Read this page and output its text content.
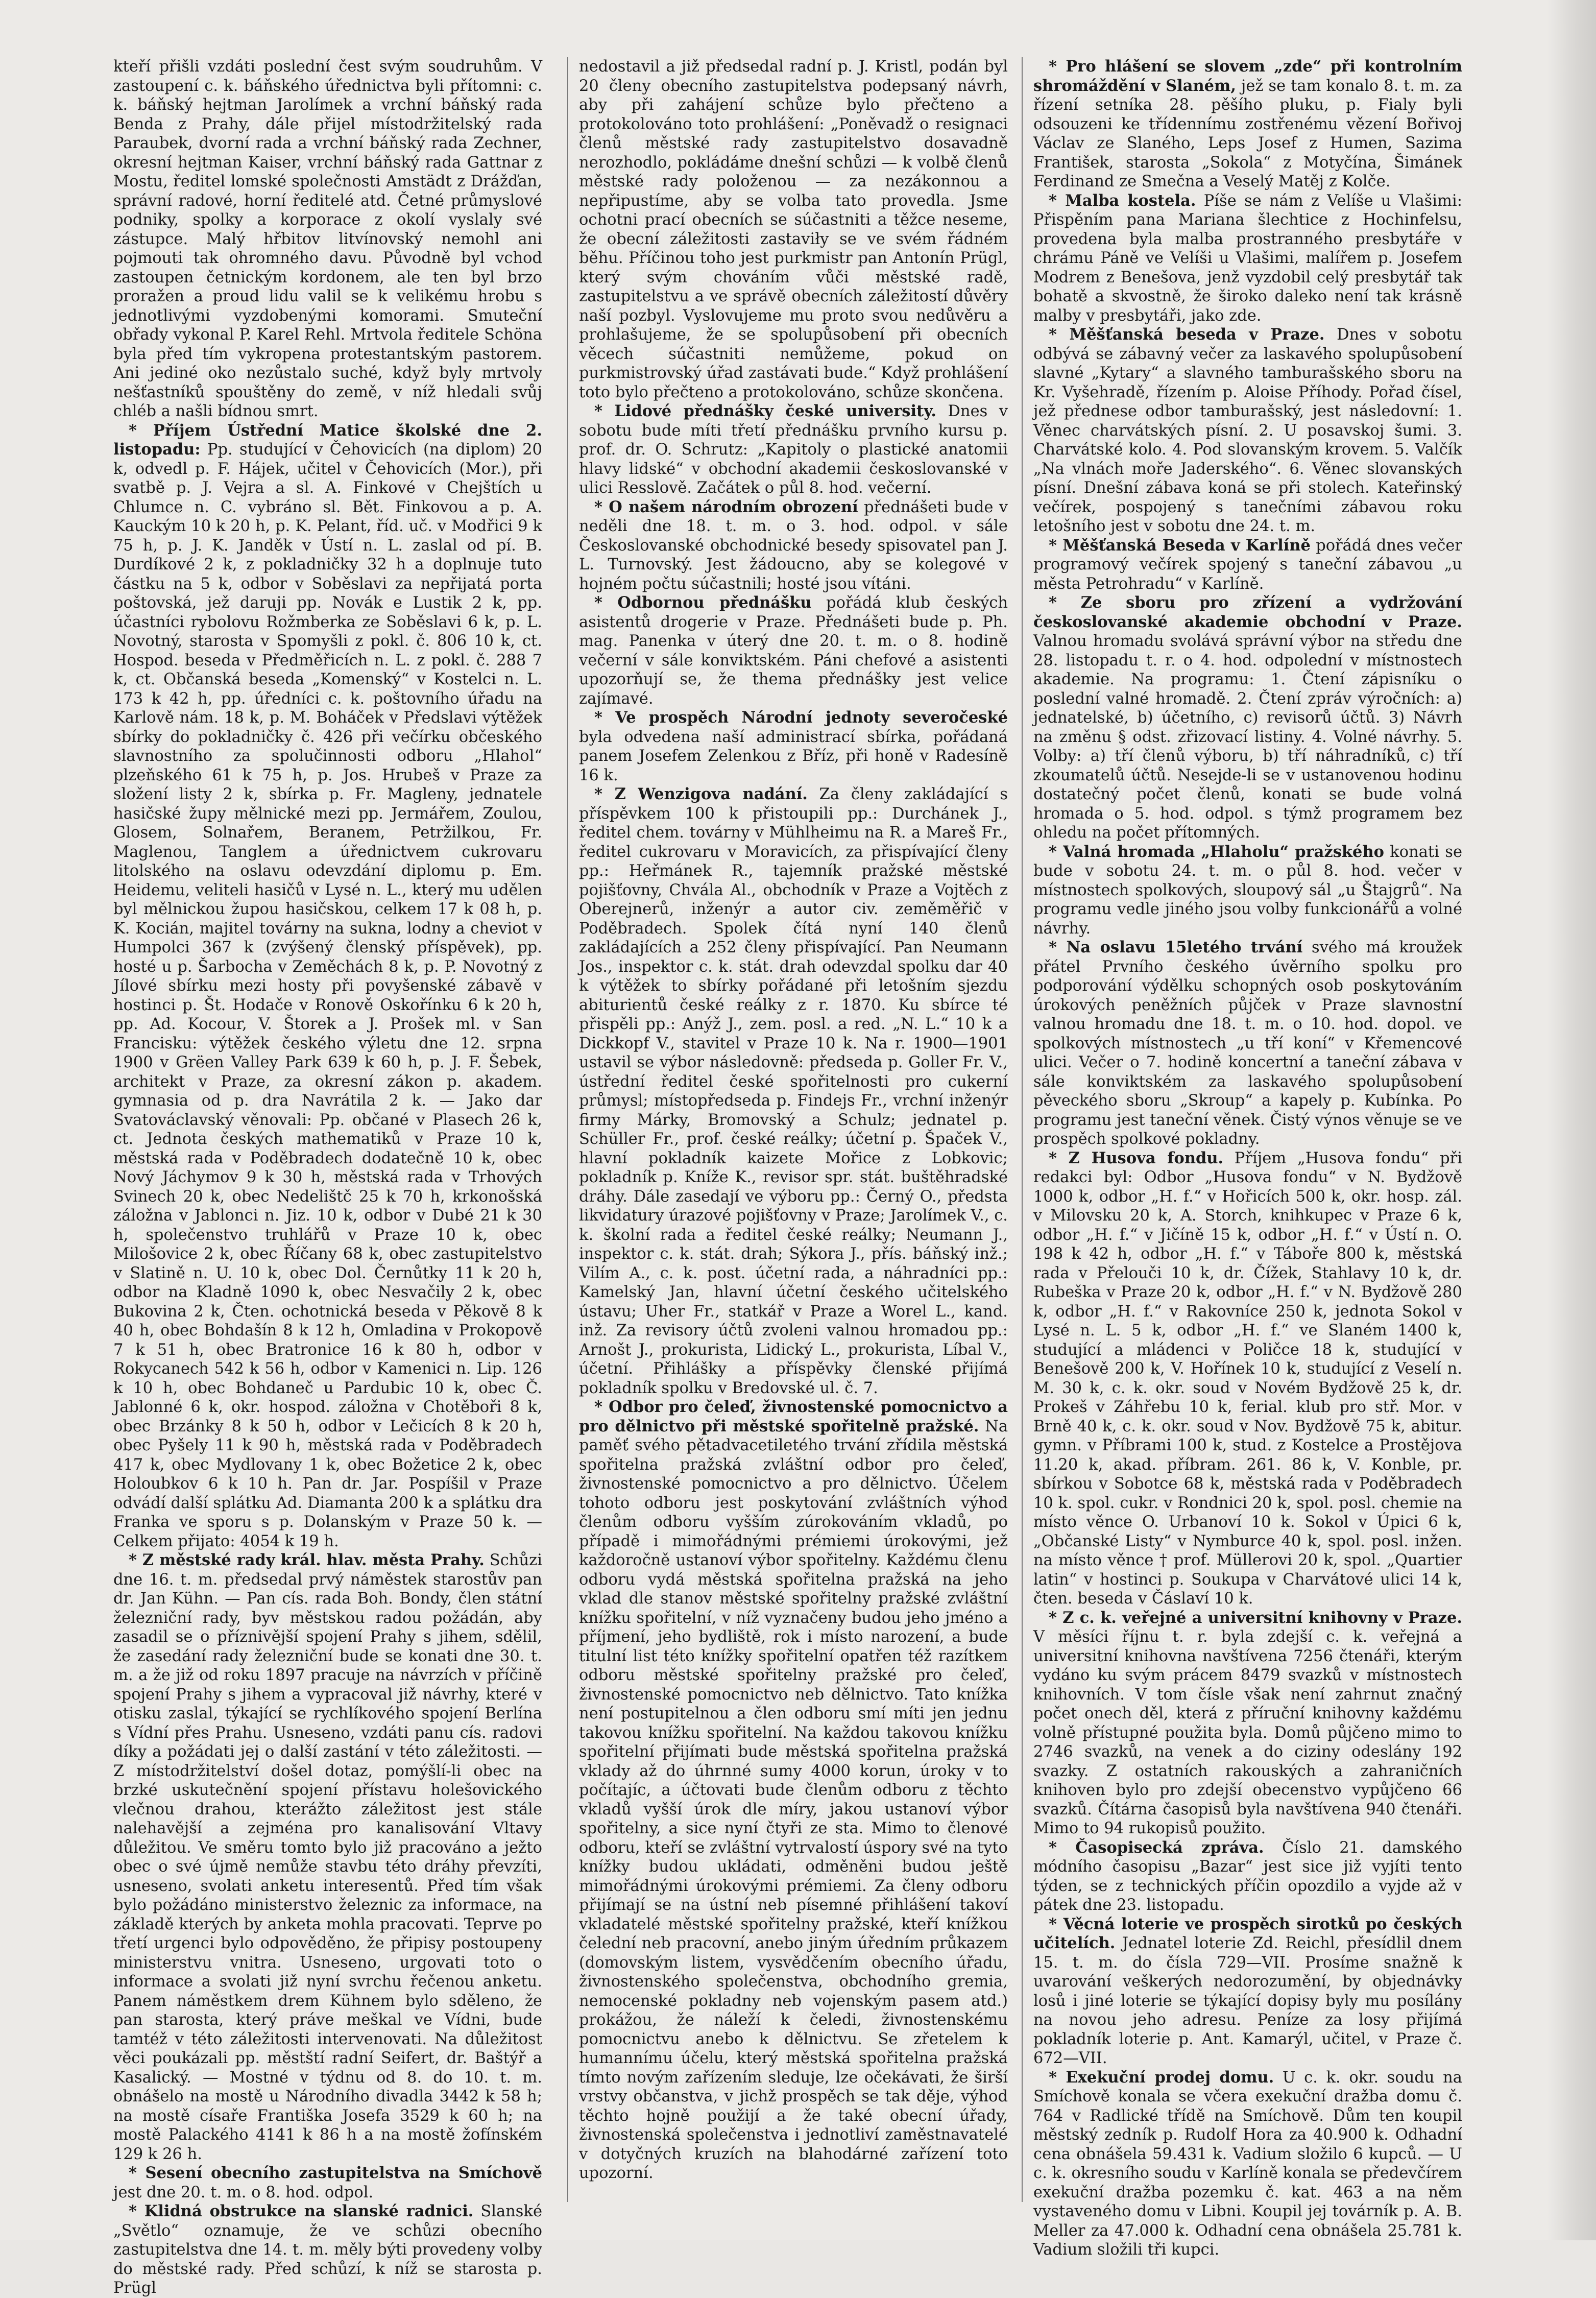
kteří přišli vzdáti poslední čest svým soudruhům. V zastoupení c. k. báňského úřednictva byli přítomni: c. k. báňský hejtman Jarolímek a vrchní báňský rada Benda z Prahy, dále přijel místodržitelský rada Paraubek, dvorní rada a vrchní báňský rada Zechner, okresní hejtman Kaiser, vrchní báňský rada Gattnar z Mostu, ředitel lomské společnosti Amstädt z Drážďan, správní radové, horní ředitelé atd. Četné průmyslové podniky, spolky a korporace z okolí vyslaly své zástupce. Malý hřbitov litvínovský nemohl ani pojmouti tak ohromného davu. Původně byl vchod zastoupen četnickým kordonem, ale ten byl brzo proražen a proud lidu valil se k velikému hrobu s jednotlivými vyzdobenými komorami. Smuteční obřady vykonal P. Karel Rehl. Mrtvola ředitele Schöna byla před tím vykropena protestantským pastorem. Ani jediné oko nezůstalo suché, když byly mrtvoly nešťastníků spouštěny do země, v níž hledali svůj chléb a našli bídnou smrt.

* Příjem Ústřední Matice školské dne 2. listopadu: Pp. studující v Čehovicích (na diplom) 20 k, odvedl p. F. Hájek, učitel v Čehovicích (Mor.), při svatbě p. J. Vejra a sl. A. Finkové v Chejštích u Chlumce n. C. vybráno sl. Bět. Finkovou a p. A. Kauckým 10 k 20 h, p. K. Pelant, říd. uč. v Modřici 9 k 75 h, p. J. K. Janděk v Ústí n. L. zaslal od pí. B. Durdíkové 2 k, z pokladničky 32 h a doplnuje tuto částku na 5 k, odbor v Soběslavi za nepřijatá porta poštovská, jež daruji pp. Novák e Lustik 2 k, pp. účastníci rybolovu Rožmberka ze Soběslavi 6 k, p. L. Novotný, starosta v Spomyšli z pokl. č. 806 10 k, ct. Hospod. beseda v Předměřicích n. L. z pokl. č. 288 7 k, ct. Občanská beseda „Komenský“ v Kostelci n. L. 173 k 42 h, pp. úředníci c. k. poštovního úřadu na Karlově nám. 18 k, p. M. Boháček v Předslavi výtěžek sbírky do pokladničky č. 426 při večírku občeského slavnostního za spolučinnosti odboru „Hlahol“ plzeňského 61 k 75 h, p. Jos. Hrubeš v Praze za složení listy 2 k, sbírka p. Fr. Magleny, jednatele hasičské župy mělnické mezi pp. Jermářem, Zoulou, Glosem, Solnařem, Beranem, Petržilkou, Fr. Maglenou, Tanglem a úřednictvem cukrovaru litolského na oslavu odevzdání diplomu p. Em. Heidemu, veliteli hasičů v Lysé n. L., který mu udělen byl mělnickou župou hasičskou, celkem 17 k 08 h, p. K. Kocián, majitel továrny na sukna, lodny a cheviot v Humpolci 367 k (zvýšený členský příspěvek), pp. hosté u p. Šarbocha v Zeměchách 8 k, p. P. Novotný z Jílové sbírku mezi hosty při povyšenské zábavě v hostinci p. Št. Hodače v Ronově Oskořínku 6 k 20 h, pp. Ad. Kocour, V. Štorek a J. Prošek ml. v San Francisku: výtěžek českého výletu dne 12. srpna 1900 v Grëen Valley Park 639 k 60 h, p. J. F. Šebek, architekt v Praze, za okresní zákon p. akadem. gymnasia od p. dra Navrátila 2 k. — Jako dar Svatováclavský věnovali: Pp. občané v Plasech 26 k, ct. Jednota českých mathematiků v Praze 10 k, městská rada v Poděbradech dodatečně 10 k, obec Nový Jáchymov 9 k 30 h, městská rada v Trhových Svinech 20 k, obec Nedelištč 25 k 70 h, krkonošská záložna v Jablonci n. Jiz. 10 k, odbor v Dubé 21 k 30 h, společenstvo truhlářů v Praze 10 k, obec Milošovice 2 k, obec Říčany 68 k, obec zastupitelstvo v Slatině n. U. 10 k, obec Dol. Černůtky 11 k 20 h, odbor na Kladně 1090 k, obec Nesvačily 2 k, obec Bukovina 2 k, Čten. ochotnická beseda v Pěkově 8 k 40 h, obec Bohdašín 8 k 12 h, Omladina v Prokopově 7 k 51 h, obec Bratronice 16 k 80 h, odbor v Rokycanech 542 k 56 h, odbor v Kamenici n. Lip. 126 k 10 h, obec Bohdaneč u Pardubic 10 k, obec Č. Jablonné 6 k, okr. hospod. záložna v Chotěboři 8 k, obec Brzánky 8 k 50 h, odbor v Lečicích 8 k 20 h, obec Pyšely 11 k 90 h, městská rada v Poděbradech 417 k, obec Mydlovany 1 k, obec Božetice 2 k, obec Holoubkov 6 k 10 h. Pan dr. Jar. Pospíšil v Praze odvádí další splátku Ad. Diamanta 200 k a splátku dra Franka ve sporu s p. Dolanským v Praze 50 k. — Celkem přijato: 4054 k 19 h.

* Z městské rady král. hlav. města Prahy. Schůzi dne 16. t. m. předsedal prvý náměstek starostův pan dr. Jan Kühn. — Pan cís. rada Boh. Bondy, člen státní železniční rady, byv městskou radou požádán, aby zasadil se o příznivější spojení Prahy s jihem, sdělil, že zasedání rady železniční bude se konati dne 30. t. m. a že již od roku 1897 pracuje na návrzích v příčině spojení Prahy s jihem a vypracoval již návrhy, které v otisku zaslal, týkající se rychlíkového spojení Berlína s Vídní přes Prahu. Usneseno, vzdáti panu cís. radovi díky a požádati jej o další zastání v této záležitosti. — Z místodržitelství došel dotaz, pomýšlí-li obec na brzké uskutečnění spojení přístavu holešovického vlečnou drahou, kterážto záležitost jest stále nalehavější a zejména pro kanalisování Vltavy důležitou. Ve směru tomto bylo již pracováno a ježto obec o své újmě nemůže stavbu této dráhy převzíti, usneseno, svolati anketu interesentů. Před tím však bylo požádáno ministerstvo železnic za informace, na základě kterých by anketa mohla pracovati. Teprve po třetí urgenci bylo odpověděno, že připisy postoupeny ministerstvu vnitra. Usneseno, urgovati toto o informace a svolati již nyní svrchu řečenou anketu. Panem náměstkem drem Kühnem bylo sděleno, že pan starosta, který práve meškal ve Vídni, bude tamtéž v této záležitosti intervenovati. Na důležitost věci poukázali pp. městští radní Seifert, dr. Baštýř a Kasalický. — Mostné v týdnu od 8. do 10. t. m. obnášelo na mostě u Národního divadla 3442 k 58 h; na mostě císaře Františka Josefa 3529 k 60 h; na mostě Palackého 4141 k 86 h a na mostě žofínském 129 k 26 h.

* Sesení obecního zastupitelstva na Smíchově jest dne 20. t. m. o 8. hod. odpol.

* Klidná obstrukce na slanské radnici. Slanské „Světlo“ oznamuje, že ve schůzi obecního zastupitelstva dne 14. t. m. měly býti provedeny volby do městské rady. Před schůzí, k níž se starosta p. Prügl

nedostavil a již předsedal radní p. J. Kristl, podán byl 20 členy obecního zastupitelstva podepsaný návrh, aby při zahájení schůze bylo přečteno a protokolováno toto prohlášení: „Poněvadž o resignaci členů městské rady zastupitelstvo dosavadně nerozhodlo, pokládáme dnešní schůzi — k volbě členů městské rady položenou — za nezákonnou a nepřipustíme, aby se volba tato provedla. Jsme ochotni prací obecních se súčastniti a těžce neseme, že obecní záležitosti zastaviły se ve svém řádném běhu. Příčinou toho jest purkmistr pan Antonín Prügl, který svým chováním vůči městské radě, zastupitelstvu a ve správě obecních záležitostí důvěry naší pozbyl. Vyslovujeme mu proto svou nedůvěru a prohlašujeme, že se spolupůsobení při obecních věcech súčastniti nemůžeme, pokud on purkmistrovský úřad zastávati bude.“ Když prohlášení toto bylo přečteno a protokolováno, schůze skončena.

* Lidové přednášky české university. Dnes v sobotu bude míti třetí přednášku prvního kursu p. prof. dr. O. Schrutz: „Kapitoly o plastické anatomii hlavy lidské“ v obchodní akademii českoslovanské v ulici Resslově. Začátek o půl 8. hod. večerní.

* O našem národním obrození přednášeti bude v neděli dne 18. t. m. o 3. hod. odpol. v sále Českoslovanské obchodnické besedy spisovatel pan J. L. Turnovský. Jest žádoucno, aby se kolegové v hojném počtu súčastnili; hosté jsou vítáni.

* Odbornou přednášku pořádá klub českých asistentů drogerie v Praze. Přednášeti bude p. Ph. mag. Panenka v úterý dne 20. t. m. o 8. hodině večerní v sále konviktském. Páni chefové a asistenti upozorňují se, že thema přednášky jest velice zajímavé.

* Ve prospěch Národní jednoty severočeské byla odvedena naší administrací sbírka, pořádaná panem Josefem Zelenkou z Bříz, při honě v Radesíně 16 k.

* Z Wenzigova nadání. Za členy zakládající s příspěvkem 100 k přistoupili pp.: Durchánek J., ředitel chem. továrny v Mühlheimu na R. a Mareš Fr., ředitel cukrovaru v Moravicích, za přispívající členy pp.: Heřmánek R., tajemník pražské městské pojišťovny, Chvála Al., obchodník v Praze a Vojtěch z Oberejnerů, inženýr a autor civ. zeměměřič v Poděbradech. Spolek čítá nyní 140 členů zakládajících a 252 členy přispívající. Pan Neumann Jos., inspektor c. k. stát. drah odevzdal spolku dar 40 k výtěžek to sbírky pořádané při letošním sjezdu abiturientů české reálky z r. 1870. Ku sbírce té přispěli pp.: Anýž J., zem. posl. a red. „N. L.“ 10 k a Dickkopf V., stavitel v Praze 10 k. Na r. 1900—1901 ustavil se výbor následovně: předseda p. Goller Fr. V., ústřední ředitel české spořitelnosti pro cukerní průmysl; místopředseda p. Findejs Fr., vrchní inženýr firmy Márky, Bromovský a Schulz; jednatel p. Schüller Fr., prof. české reálky; účetní p. Špaček V., hlavní pokladník kaizete Mořice z Lobkovic; pokladník p. Kníže K., revisor spr. stát. buštěhradské dráhy. Dále zasedají ve výboru pp.: Černý O., předsta likvidatury úrazové pojišťovny v Praze; Jarolímek V., c. k. školní rada a ředitel české reálky; Neumann J., inspektor c. k. stát. drah; Sýkora J., přís. báňský inž.; Vilím A., c. k. post. účetní rada, a náhradníci pp.: Kamelský Jan, hlavní účetní českého učitelského ústavu; Uher Fr., statkář v Praze a Worel L., kand. inž. Za revisory účtů zvoleni valnou hromadou pp.: Arnošt J., prokurista, Lidický L., prokurista, Líbal V., účetní. Přihlášky a příspěvky členské přijímá pokladník spolku v Bredovské ul. č. 7.

* Odbor pro čeleď, živnostenské pomocnictvo a pro dělnictvo při městské spořitelně pražské. Na paměť svého pětadvacetiletého trvání zřídila městská spořitelna pražská zvláštní odbor pro čeleď, živnostenské pomocnictvo a pro dělnictvo. Účelem tohoto odboru jest poskytování zvláštních výhod členům odboru vyšším zúrokováním vkladů, po případě i mimořádnými prémiemi úrokovými, jež každoročně ustanoví výbor spořitelny. Každému členu odboru vydá městská spořitelna pražská na jeho vklad dle stanov městské spořitelny pražské zvláštní knížku spořitelní, v níž vyznačeny budou jeho jméno a příjmení, jeho bydliště, rok i místo narození, a bude titulní list této knížky spořitelní opatřen též razítkem odboru městské spořitelny pražské pro čeleď, živnostenské pomocnictvo neb dělnictvo. Tato knížka není postupitelnou a člen odboru smí míti jen jednu takovou knížku spořitelní. Na každou takovou knížku spořitelní přijímati bude městská spořitelna pražská vklady až do úhrnné sumy 4000 korun, úroky v to počítajíc, a účtovati bude členům odboru z těchto vkladů vyšší úrok dle míry, jakou ustanoví výbor spořitelny, a sice nyní čtyři ze sta. Mimo to členové odboru, kteří se zvláštní vytrvalostí úspory své na tyto knížky budou ukládati, odměněni budou ještě mimořádnými úrokovými prémiemi. Za členy odboru přijímají se na ústní neb písemné přihlášení takoví vkladatelé městské spořitelny pražské, kteří knížkou čelední neb pracovní, anebo jiným úředním průkazem (domovským listem, vysvědčením obecního úřadu, živnostenského společenstva, obchodního gremia, nemocenské pokladny neb vojenským pasem atd.) prokážou, že náleží k čeledi, živnostenskému pomocnictvu anebo k dělnictvu. Se zřetelem k humannímu účelu, který městská spořitelna pražská tímto novým zařízením sleduje, lze očekávati, že širší vrstvy občanstva, v jichž prospěch se tak děje, výhod těchto hojně použijí a že také obecní úřady, živnostenská společenstva i jednotliví zaměstnavatelé v dotyčných kruzích na blahodárné zařízení toto upozorní.

* Pro hlášení se slovem „zde“ při kontrolním shromáždění v Slaném, jež se tam konalo 8. t. m. za řízení setníka 28. pěšího pluku, p. Fialy byli odsouzeni ke třídennímu zostřenému vězení Bořivoj Václav ze Slaného, Leps Josef z Humen, Sazima František, starosta „Sokola“ z Motyčína, Šimánek Ferdinand ze Smečna a Veselý Matěj z Kolče.

* Malba kostela. Píše se nám z Velíše u Vlašimi: Přispěním pana Mariana šlechtice z Hochinfelsu, provedena byla malba prostranného presbytáře v chrámu Páně ve Velíši u Vlašimi, malířem p. Josefem Modrem z Benešova, jenž vyzdobil celý presbytář tak bohatě a skvostně, že široko daleko není tak krásně malby v presbytáři, jako zde.

* Měšťanská beseda v Praze. Dnes v sobotu odbývá se zábavný večer za laskavého spolupůsobení slavné „Kytary“ a slavného tamburašského sboru na Kr. Vyšehradě, řízením p. Aloise Příhody. Pořad čísel, jež přednese odbor tamburašský, jest následovní: 1. Věnec charvátských písní. 2. U posavskoj šumi. 3. Charvátské kolo. 4. Pod slovanským krovem. 5. Valčík „Na vlnách moře Jaderského“. 6. Věnec slovanských písní. Dnešní zábava koná se při stolech. Kateřinský večírek, pospojený s tanečními zábavou roku letošního jest v sobotu dne 24. t. m.

* Měšťanská Beseda v Karlíně pořádá dnes večer programový večírek spojený s taneční zábavou „u města Petrohradu“ v Karlíně.

* Ze sboru pro zřízení a vydržování českoslovanské akademie obchodní v Praze. Valnou hromadu svolává správní výbor na středu dne 28. listopadu t. r. o 4. hod. odpolední v místnostech akademie. Na programu: 1. Čtení zápisníku o poslední valné hromadě. 2. Čtení zpráv výročních: a) jednatelské, b) účetního, c) revisorů účtů. 3) Návrh na změnu § odst. zřizovací listiny. 4. Volné návrhy. 5. Volby: a) tří členů výboru, b) tří náhradníků, c) tří zkoumatelů účtů. Nesejde-li se v ustanovenou hodinu dostatečný počet členů, konati se bude volná hromada o 5. hod. odpol. s týmž programem bez ohledu na počet přítomných.

* Valná hromada „Hlaholu“ pražského konati se bude v sobotu 24. t. m. o půl 8. hod. večer v místnostech spolkových, sloupový sál „u Štajgrů“. Na programu vedle jiného jsou volby funkcionářů a volné návrhy.

* Na oslavu 15letého trvání svého má kroužek přátel Prvního českého úvěrního spolku pro podporování výdělku schopných osob poskytováním úrokových peněžních půjček v Praze slavnostní valnou hromadu dne 18. t. m. o 10. hod. dopol. ve spolkových místnostech „u tří koní“ v Křemencové ulici. Večer o 7. hodině koncertní a taneční zábava v sále konviktském za laskavého spolupůsobení pěveckého sboru „Skroup“ a kapely p. Kubínka. Po programu jest taneční věnek. Čistý výnos věnuje se ve prospěch spolkové pokladny.

* Z Husova fondu. Příjem „Husova fondu“ při redakci byl: Odbor „Husova fondu“ v N. Bydžově 1000 k, odbor „H. f.“ v Hořicích 500 k, okr. hosp. zál. v Milovsku 20 k, A. Storch, knihkupec v Praze 6 k, odbor „H. f.“ v Jičíně 15 k, odbor „H. f.“ v Ústí n. O. 198 k 42 h, odbor „H. f.“ v Táboře 800 k, městská rada v Přelouči 10 k, dr. Čížek, Stahlavy 10 k, dr. Rubeška v Praze 20 k, odbor „H. f.“ v N. Bydžově 280 k, odbor „H. f.“ v Rakovníce 250 k, jednota Sokol v Lysé n. L. 5 k, odbor „H. f.“ ve Slaném 1400 k, studující a mládenci v Poličce 18 k, studující v Benešově 200 k, V. Hořínek 10 k, studující z Veselí n. M. 30 k, c. k. okr. soud v Novém Bydžově 25 k, dr. Prokeš v Záhřebu 10 k, ferial. klub pro stř. Mor. v Brně 40 k, c. k. okr. soud v Nov. Bydžově 75 k, abitur. gymn. v Příbrami 100 k, stud. z Kostelce a Prostějova 11.20 k, akad. příbram. 261. 86 k, V. Konble, pr. sbírkou v Sobotce 68 k, městská rada v Poděbradech 10 k. spol. cukr. v Rondnici 20 k, spol. posl. chemie na místo věnce O. Urbanoví 10 k. Sokol v Úpici 6 k, „Občanské Listy“ v Nymburce 40 k, spol. posl. inžen. na místo věnce † prof. Müllerovi 20 k, spol. „Quartier latin“ v hostinci p. Soukupa v Charvátové ulici 14 k, čten. beseda v Čáslaví 10 k.

* Z c. k. veřejné a universitní knihovny v Praze. V měsíci říjnu t. r. byla zdejší c. k. veřejná a universitní knihovna navštívena 7256 čtenáři, kterým vydáno ku svým prácem 8479 svazků v místnostech knihovních. V tom čísle však není zahrnut značný počet onech děl, která z příruční knihovny každému volně přístupné použita byla. Domů půjčeno mimo to 2746 svazků, na venek a do ciziny odeslány 192 svazky. Z ostatních rakouských a zahraničních knihoven bylo pro zdejší obecenstvo vypůjčeno 66 svazků. Čítárna časopisů byla navštívena 940 čtenáři. Mimo to 94 rukopisů použito.

* Časopisecká zpráva. Číslo 21. damského módního časopisu „Bazar“ jest sice již vyjíti tento týden, se z technických příčin opozdilo a vyjde až v pátek dne 23. listopadu.

* Věcná loterie ve prospěch sirotků po českých učitelích. Jednatel loterie Zd. Reichl, přesídlil dnem 15. t. m. do čísla 729—VII. Prosíme snažně k uvarování veškerých nedorozumění, by objednávky losů i jiné loterie se týkající dopisy byly mu posílány na novou jeho adresu. Peníze za losy přijímá pokladník loterie p. Ant. Kamarýl, učitel, v Praze č. 672—VII.

* Exekuční prodej domu. U c. k. okr. soudu na Smíchově konala se včera exekuční dražba domu č. 764 v Radlické třídě na Smíchově. Dům ten koupil městský zedník p. Rudolf Hora za 40.900 k. Odhadní cena obnášela 59.431 k. Vadium složilo 6 kupců. — U c. k. okresního soudu v Karlíně konala se předevčírem exekuční dražba pozemku č. kat. 463 a na něm vystaveného domu v Libni. Koupil jej továrník p. A. B. Meller za 47.000 k. Odhadní cena obnášela 25.781 k. Vadium složili tři kupci.
